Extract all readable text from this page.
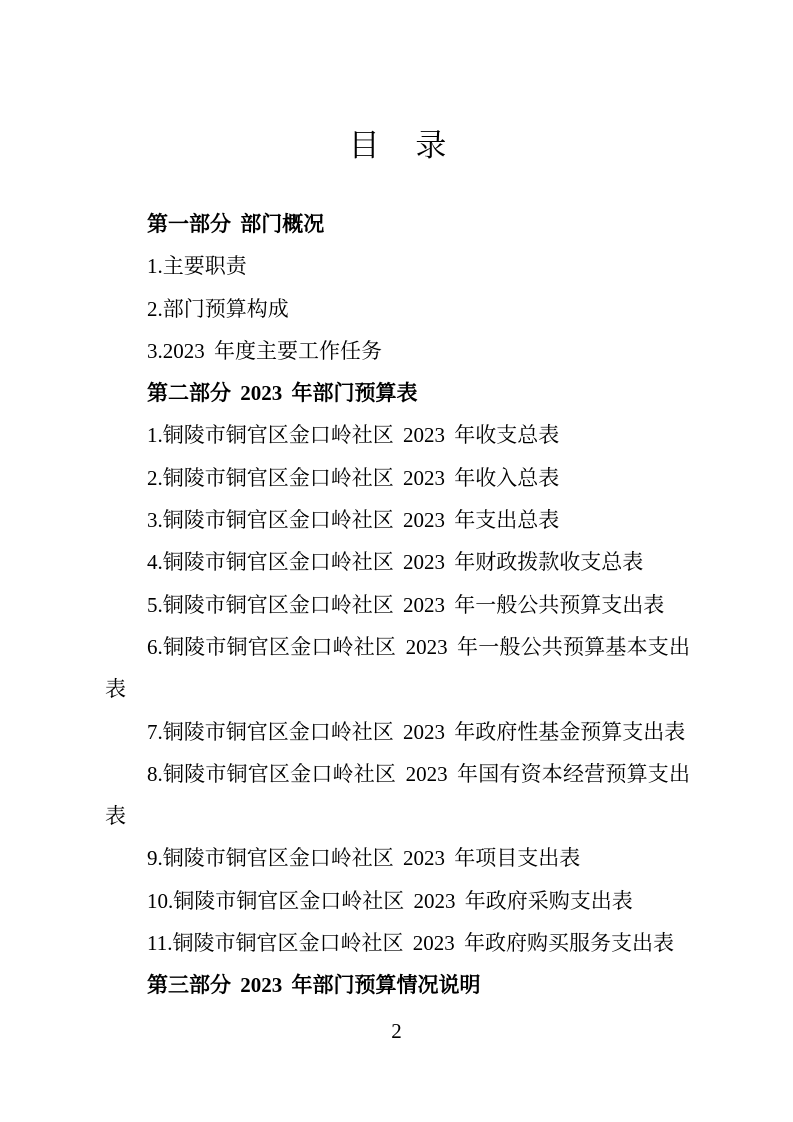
目 录

第一部分 部门概况

1.主要职责

2.部门预算构成

3.2023 年度主要工作任务

第二部分 2023 年部门预算表

1.铜陵市铜官区金口岭社区 2023 年收支总表

2.铜陵市铜官区金口岭社区 2023 年收入总表

3.铜陵市铜官区金口岭社区 2023 年支出总表

4.铜陵市铜官区金口岭社区 2023 年财政拨款收支总表

5.铜陵市铜官区金口岭社区 2023 年一般公共预算支出表

6.铜陵市铜官区金口岭社区 2023 年一般公共预算基本支出表

7.铜陵市铜官区金口岭社区 2023 年政府性基金预算支出表

8.铜陵市铜官区金口岭社区 2023 年国有资本经营预算支出表

9.铜陵市铜官区金口岭社区 2023 年项目支出表

10.铜陵市铜官区金口岭社区 2023 年政府采购支出表

11.铜陵市铜官区金口岭社区 2023 年政府购买服务支出表

第三部分 2023 年部门预算情况说明

2
